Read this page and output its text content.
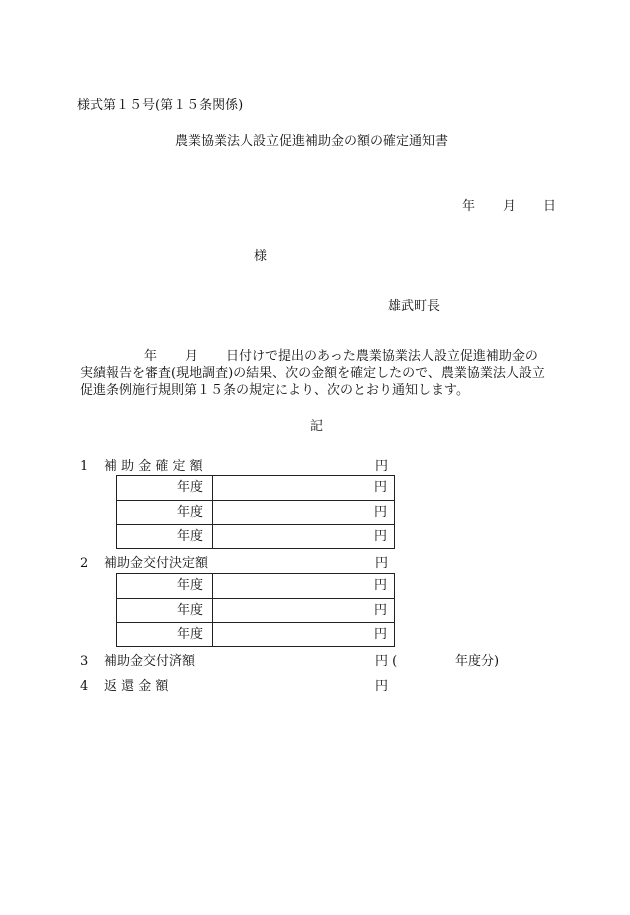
様式第１５号(第１５条関係)
農業協業法人設立促進補助金の額の確定通知書
年 月 日
様
雄武町長
年 月 日付けで提出のあった農業協業法人設立促進補助金の
実績報告を審査(現地調査)の結果、次の金額を確定したので、農業協業法人設立
促進条例施行規則第１５条の規定により、次のとおり通知します。
記
1 補 助 金 確 定 額	円
年度	円
年度	円
年度	円
2 補助金交付決定額	円
年度	円
年度	円
年度	円
3 補助金交付済額	円 (	年度分)
4 返 還 金 額	円
